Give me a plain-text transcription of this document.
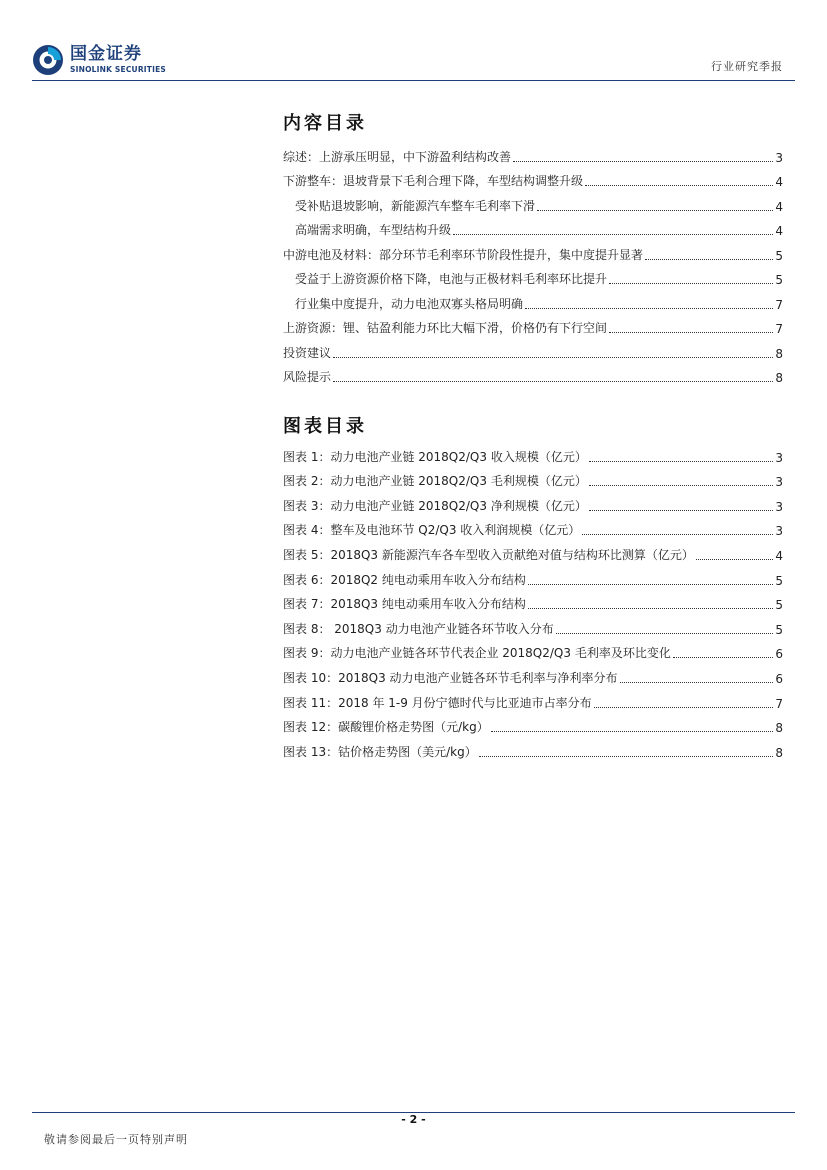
国金证券
SINOLINK SECURITIES	行业研究季报
内容目录
综述：上游承压明显，中下游盈利结构改善	3
下游整车：退坡背景下毛利合理下降，车型结构调整升级	4
受补贴退坡影响，新能源汽车整车毛利率下滑	4
高端需求明确，车型结构升级	4
中游电池及材料：部分环节毛利率环节阶段性提升，集中度提升显著	5
受益于上游资源价格下降，电池与正极材料毛利率环比提升	5
行业集中度提升，动力电池双寡头格局明确	7
上游资源：锂、钴盈利能力环比大幅下滑，价格仍有下行空间	7
投资建议	8
风险提示	8
图表目录
图表 1：动力电池产业链 2018Q2/Q3 收入规模（亿元）	3
图表 2：动力电池产业链 2018Q2/Q3 毛利规模（亿元）	3
图表 3：动力电池产业链 2018Q2/Q3 净利规模（亿元）	3
图表 4：整车及电池环节 Q2/Q3 收入利润规模（亿元）	3
图表 5：2018Q3 新能源汽车各车型收入贡献绝对值与结构环比测算（亿元）	4
图表 6：2018Q2 纯电动乘用车收入分布结构	5
图表 7：2018Q3 纯电动乘用车收入分布结构	5
图表 8： 2018Q3 动力电池产业链各环节收入分布	5
图表 9：动力电池产业链各环节代表企业 2018Q2/Q3 毛利率及环比变化	6
图表 10：2018Q3 动力电池产业链各环节毛利率与净利率分布	6
图表 11：2018 年 1-9 月份宁德时代与比亚迪市占率分布	7
图表 12：碳酸锂价格走势图（元/kg）	8
图表 13：钴价格走势图（美元/kg）	8
- 2 -
敬请参阅最后一页特别声明
